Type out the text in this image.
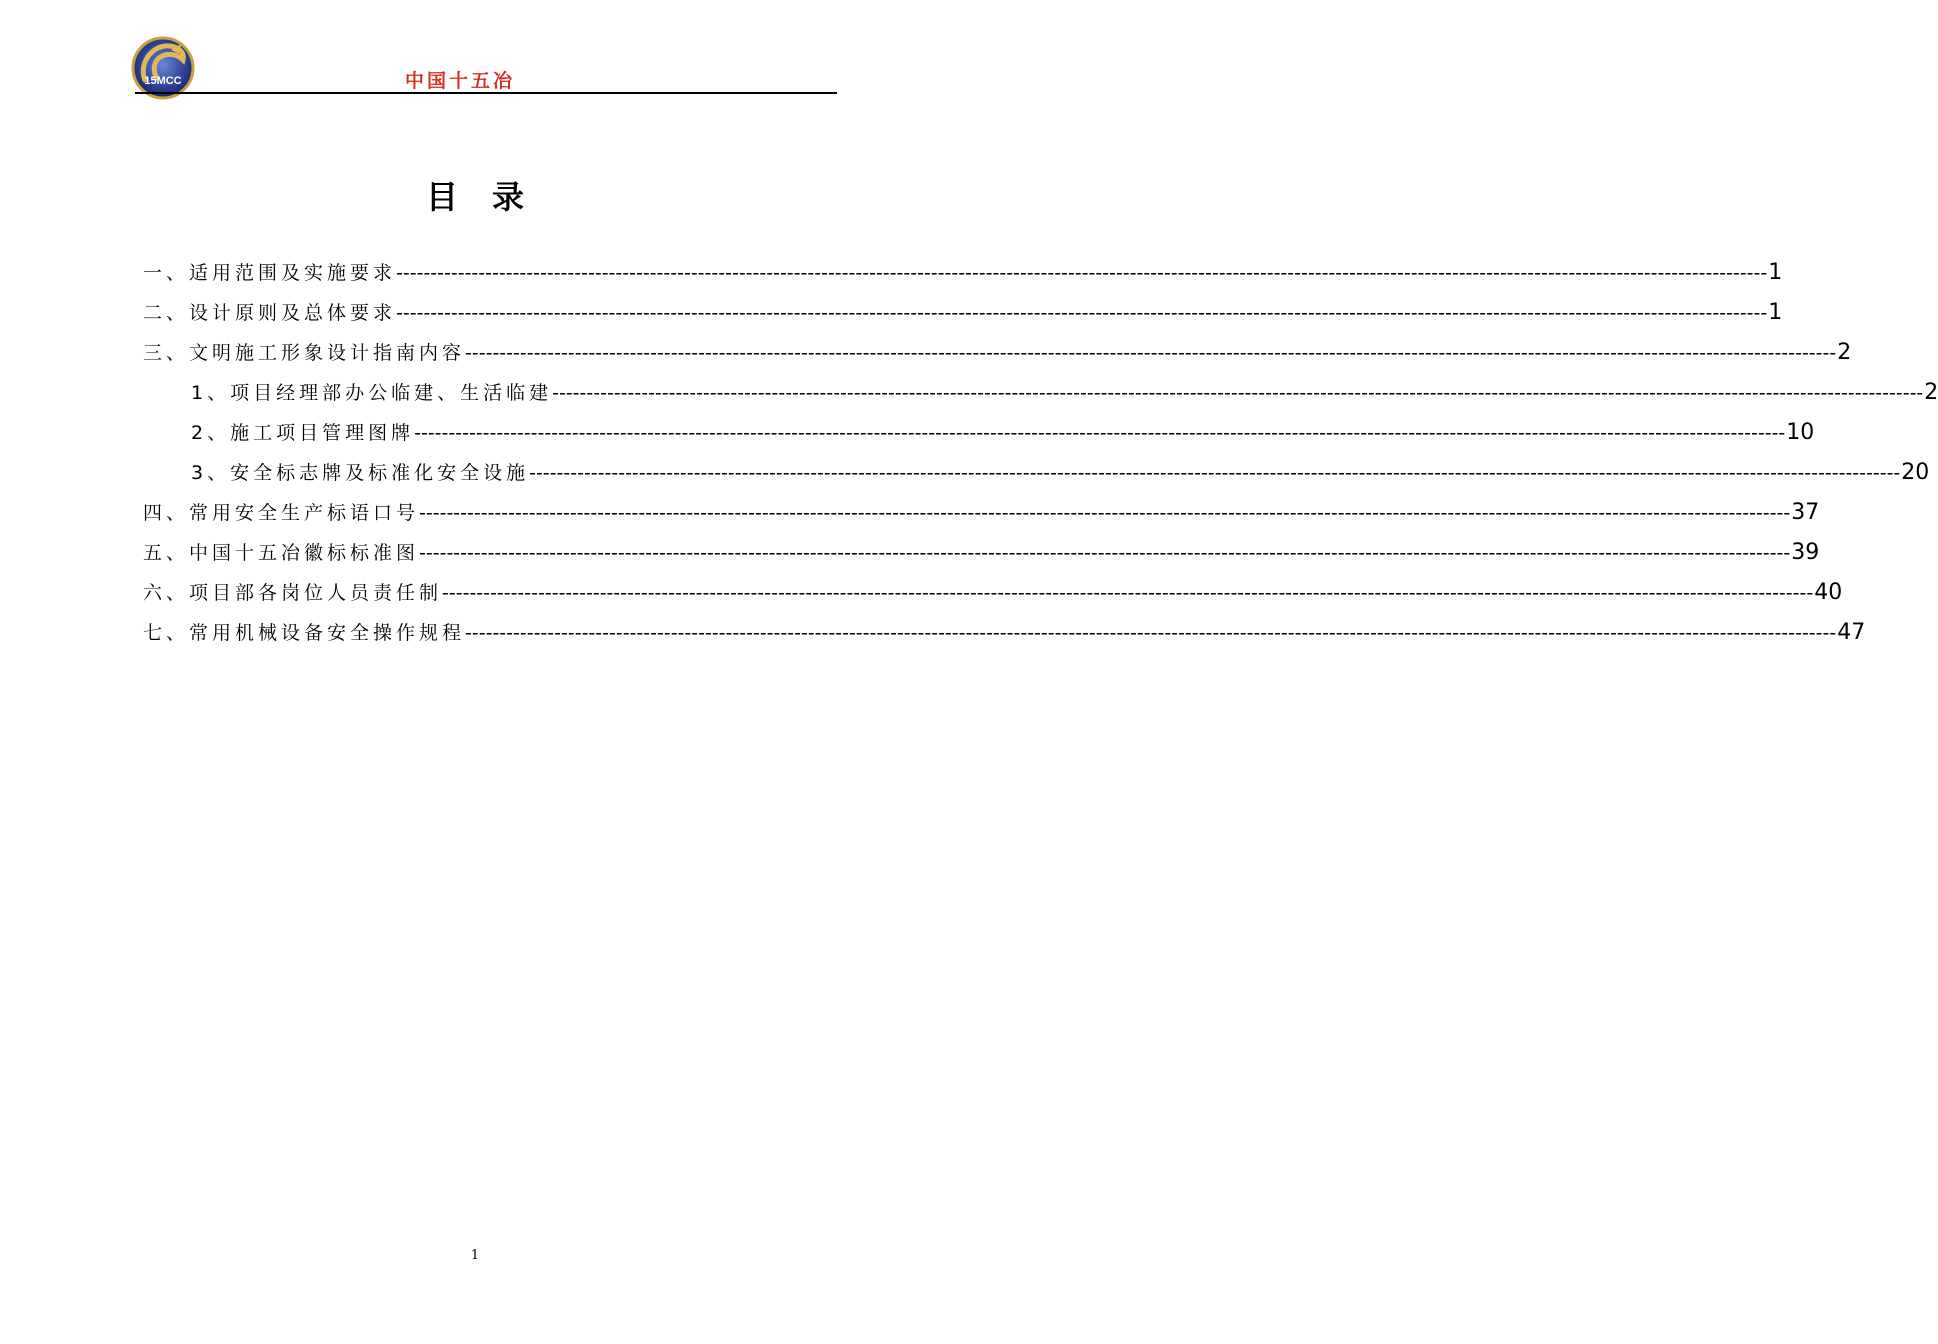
15MCC	中国十五冶
目录
一、适用范围及实施要求 -------------------------------------------------------------------------------------------------------------------------------------------------------------------------------------------------------- 1
二、设计原则及总体要求 -------------------------------------------------------------------------------------------------------------------------------------------------------------------------------------------------------- 1
三、文明施工形象设计指南内容 -------------------------------------------------------------------------------------------------------------------------------------------------------------------------------------------------------- 2
1、项目经理部办公临建、生活临建 -------------------------------------------------------------------------------------------------------------------------------------------------------------------------------------------------------- 2
2、施工项目管理图牌 -------------------------------------------------------------------------------------------------------------------------------------------------------------------------------------------------------- 10
3、安全标志牌及标准化安全设施 -------------------------------------------------------------------------------------------------------------------------------------------------------------------------------------------------------- 20
四、常用安全生产标语口号 -------------------------------------------------------------------------------------------------------------------------------------------------------------------------------------------------------- 37
五、中国十五冶徽标标准图 -------------------------------------------------------------------------------------------------------------------------------------------------------------------------------------------------------- 39
六、项目部各岗位人员责任制 -------------------------------------------------------------------------------------------------------------------------------------------------------------------------------------------------------- 40
七、常用机械设备安全操作规程 -------------------------------------------------------------------------------------------------------------------------------------------------------------------------------------------------------- 47
1
